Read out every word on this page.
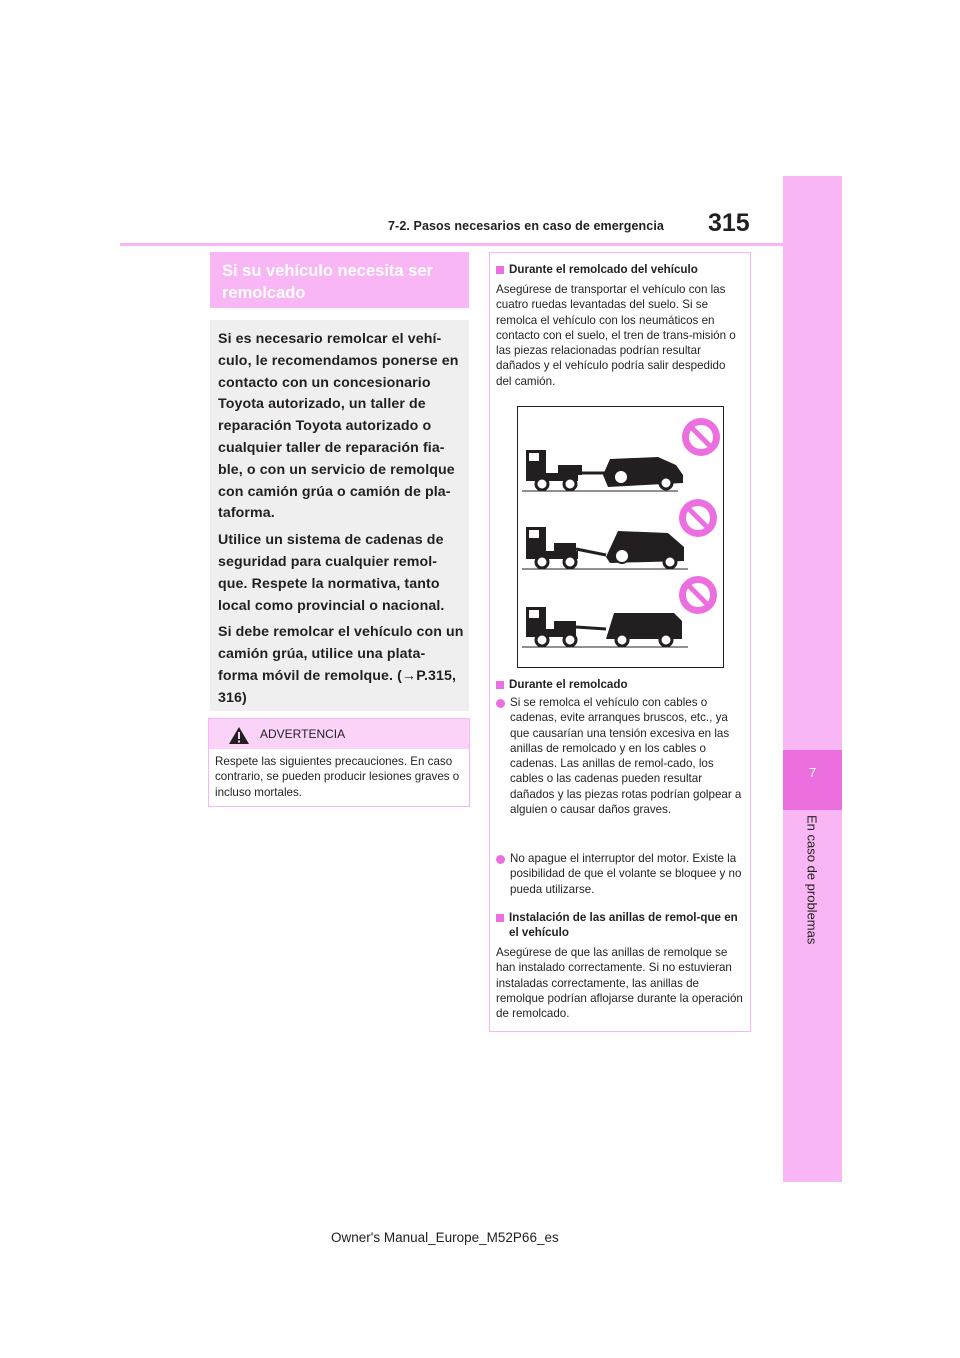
7-2. Pasos necesarios en caso de emergencia 315
7
En caso de problemas
Si su vehículo necesita ser remolcado

Si es necesario remolcar el vehí-culo, le recomendamos ponerse en contacto con un concesionario Toyota autorizado, un taller de reparación Toyota autorizado o cualquier taller de reparación fia-ble, o con un servicio de remolque con camión grúa o camión de pla-taforma.

Utilice un sistema de cadenas de seguridad para cualquier remol-que. Respete la normativa, tanto local como provincial o nacional.

Si debe remolcar el vehículo con un camión grúa, utilice una plata-forma móvil de remolque. (→P.315, 316)

ADVERTENCIA
Respete las siguientes precauciones. En caso contrario, se pueden producir lesiones graves o incluso mortales.
Durante el remolcado del vehículo
Asegúrese de transportar el vehículo con las cuatro ruedas levantadas del suelo. Si se remolca el vehículo con los neumáticos en contacto con el suelo, el tren de trans-misión o las piezas relacionadas podrían resultar dañados y el vehículo podría salir despedido del camión.
Durante el remolcado
Si se remolca el vehículo con cables o cadenas, evite arranques bruscos, etc., ya que causarían una tensión excesiva en las anillas de remolcado y en los cables o cadenas. Las anillas de remol-cado, los cables o las cadenas pueden resultar dañados y las piezas rotas podrían golpear a alguien o causar daños graves.
No apague el interruptor del motor. Existe la posibilidad de que el volante se bloquee y no pueda utilizarse.
Instalación de las anillas de remol-que en el vehículo
Asegúrese de que las anillas de remolque se han instalado correctamente. Si no estuvieran instaladas correctamente, las anillas de remolque podrían aflojarse durante la operación de remolcado.
Owner's Manual_Europe_M52P66_es
